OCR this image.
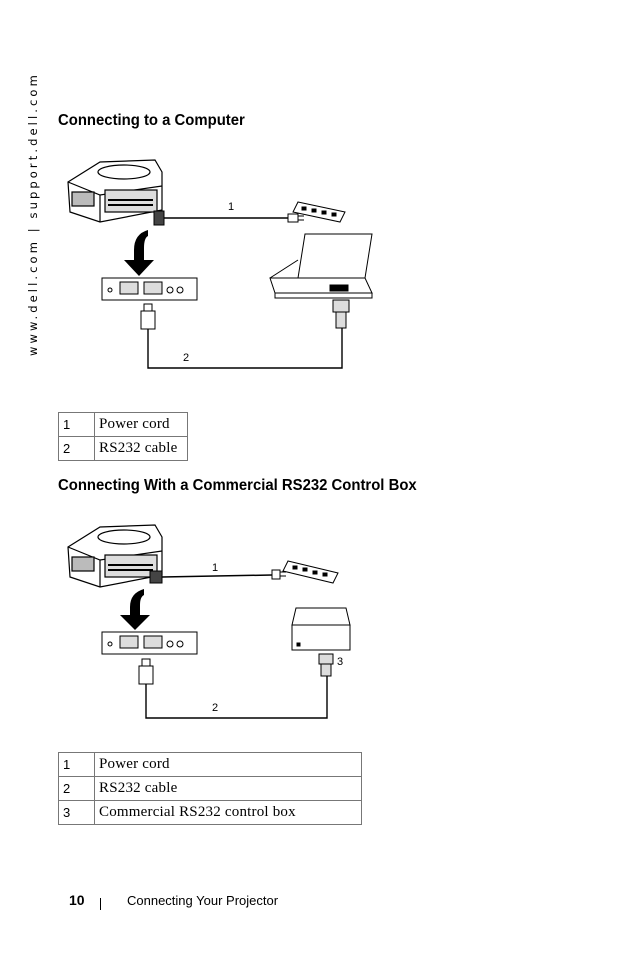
www.dell.com | support.dell.com Connecting to a Computer
1
2
1	Power cord
2	RS232 cable
Connecting With a Commercial RS232 Control Box
1
2
3
1	Power cord
2	RS232 cable
3	Commercial RS232 control box
10	Connecting Your Projector
